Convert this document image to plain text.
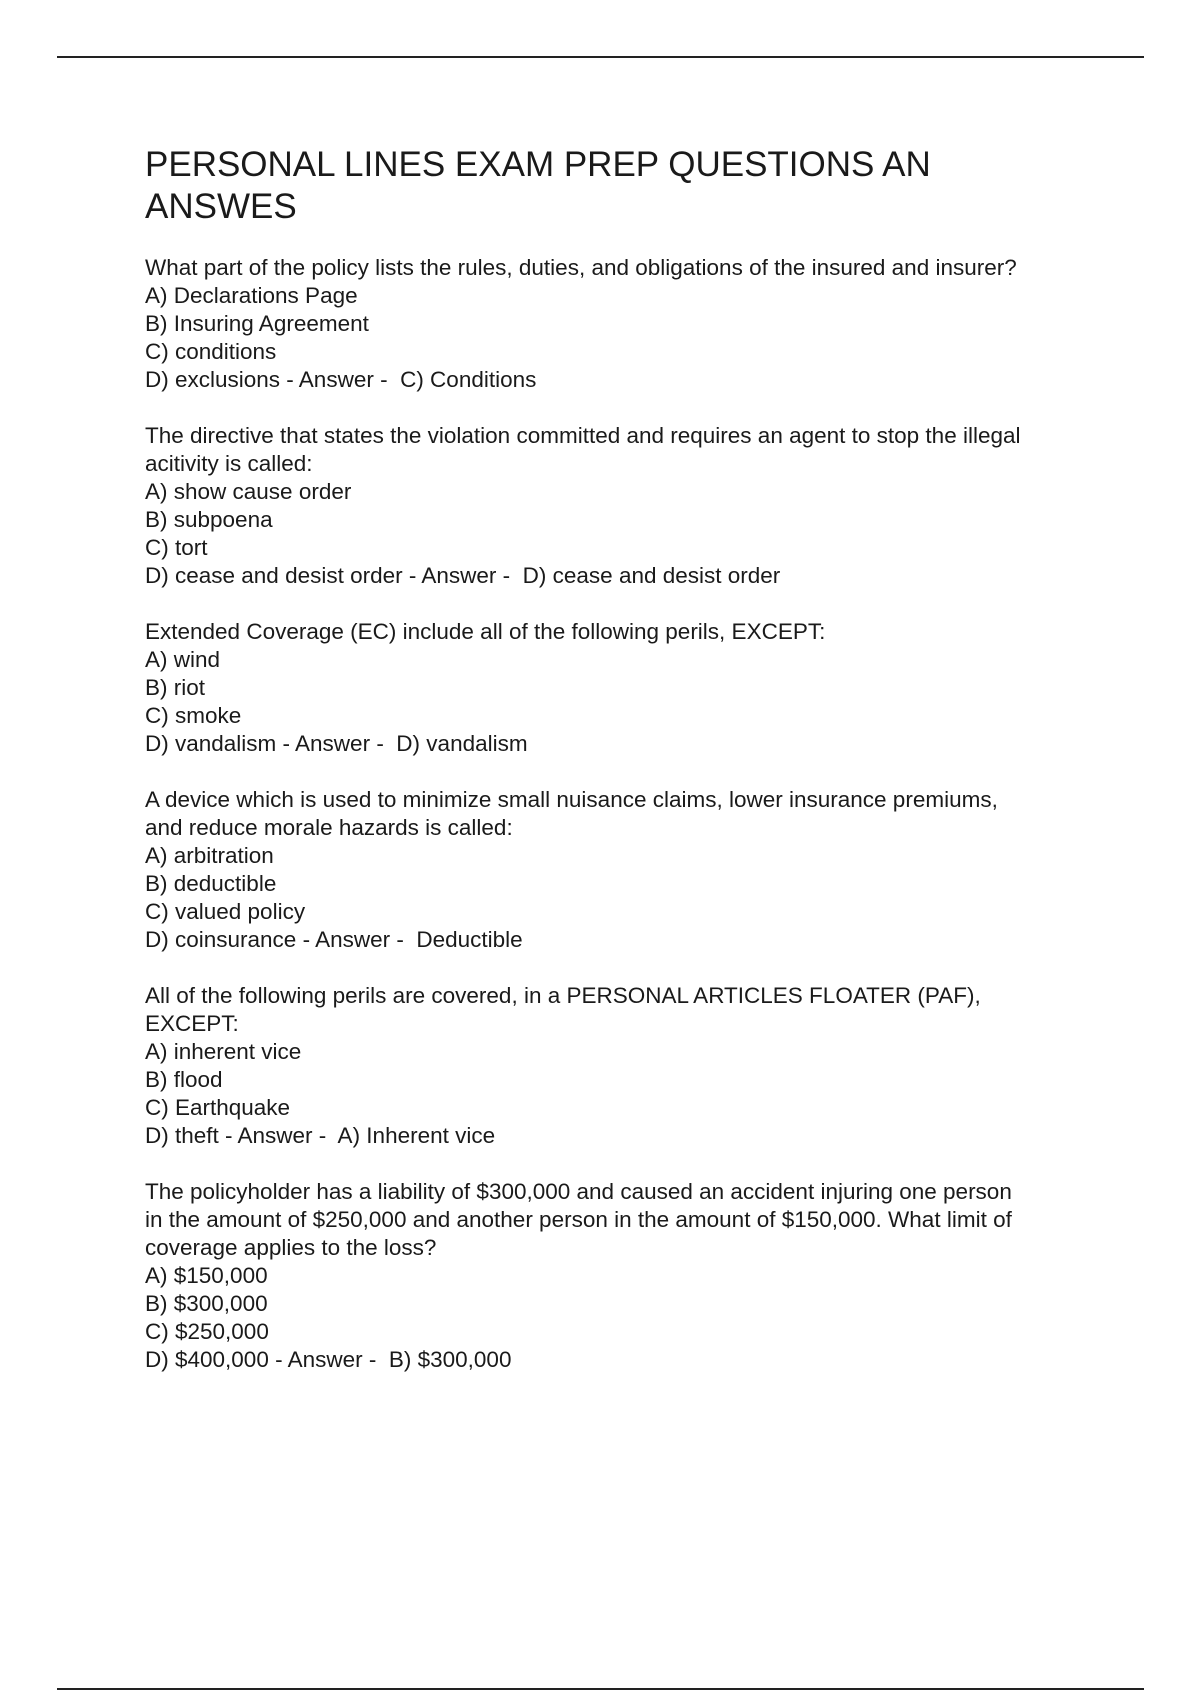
PERSONAL LINES EXAM PREP QUESTIONS AN
ANSWES
What part of the policy lists the rules, duties, and obligations of the insured and insurer?
A) Declarations Page
B) Insuring Agreement
C) conditions
D) exclusions - Answer -  C) Conditions
The directive that states the violation committed and requires an agent to stop the illegal
acitivity is called:
A) show cause order
B) subpoena
C) tort
D) cease and desist order - Answer -  D) cease and desist order
Extended Coverage (EC) include all of the following perils, EXCEPT:
A) wind
B) riot
C) smoke
D) vandalism - Answer -  D) vandalism
A device which is used to minimize small nuisance claims, lower insurance premiums,
and reduce morale hazards is called:
A) arbitration
B) deductible
C) valued policy
D) coinsurance - Answer -  Deductible
All of the following perils are covered, in a PERSONAL ARTICLES FLOATER (PAF),
EXCEPT:
A) inherent vice
B) flood
C) Earthquake
D) theft - Answer -  A) Inherent vice
The policyholder has a liability of $300,000 and caused an accident injuring one person
in the amount of $250,000 and another person in the amount of $150,000. What limit of
coverage applies to the loss?
A) $150,000
B) $300,000
C) $250,000
D) $400,000 - Answer -  B) $300,000
